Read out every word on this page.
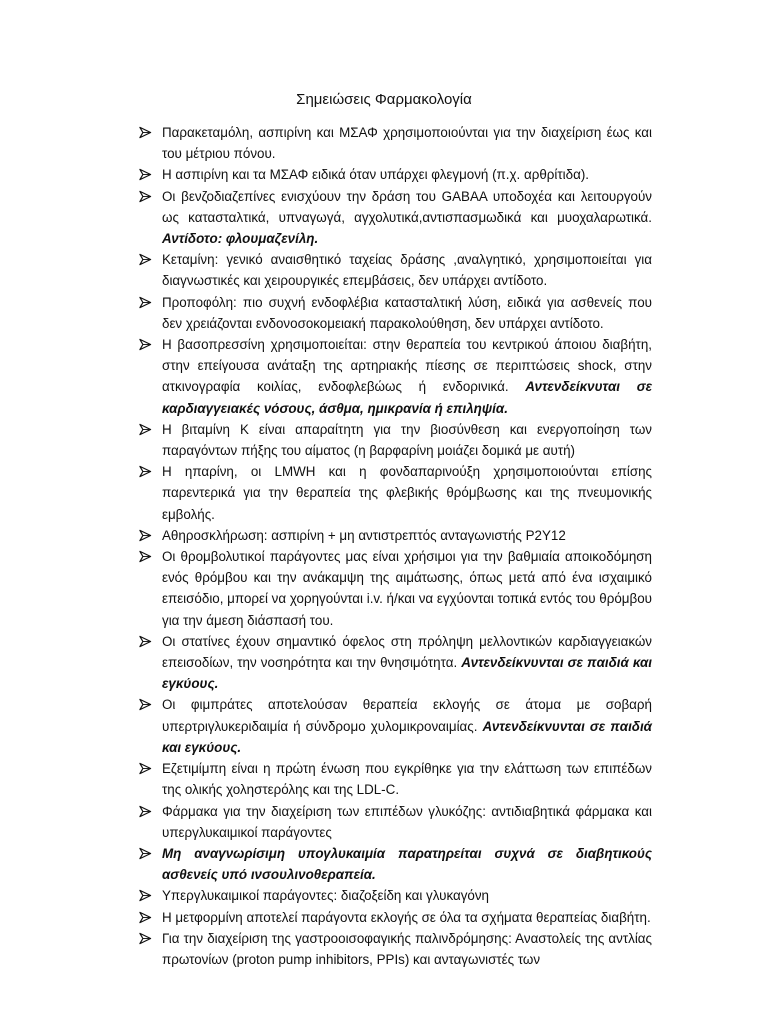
Σημειώσεις Φαρμακολογία
Παρακεταμόλη, ασπιρίνη και ΜΣΑΦ χρησιμοποιούνται για την διαχείριση έως και του μέτριου πόνου.
Η ασπιρίνη και τα ΜΣΑΦ ειδικά όταν υπάρχει φλεγμονή (π.χ. αρθρίτιδα).
Οι βενζοδιαζεπίνες ενισχύουν την δράση του GABAA υποδοχέα και λειτουργούν ως κατασταλτικά, υπναγωγά, αγχολυτικά,αντισπασμωδικά και μυοχαλαρωτικά. Αντίδοτο: φλουμαζενίλη.
Κεταμίνη: γενικό αναισθητικό ταχείας δράσης ,αναλγητικό, χρησιμοποιείται για διαγνωστικές και χειρουργικές επεμβάσεις, δεν υπάρχει αντίδοτο.
Προποφόλη: πιο συχνή ενδοφλέβια κατασταλτική λύση, ειδικά για ασθενείς που δεν χρειάζονται ενδονοσοκομειακή παρακολούθηση, δεν υπάρχει αντίδοτο.
Η βασοπρεσσίνη χρησιμοποιείται: στην θεραπεία του κεντρικού άποιου διαβήτη, στην επείγουσα ανάταξη της αρτηριακής πίεσης σε περιπτώσεις shock, στην ατκινογραφία κοιλίας, ενδοφλεβώως ή ενδορινικά. Αντενδείκνυται σε καρδιαγγειακές νόσους, άσθμα, ημικρανία ή επιληψία.
Η βιταμίνη Κ είναι απαραίτητη για την βιοσύνθεση και ενεργοποίηση των παραγόντων πήξης του αίματος (η βαρφαρίνη μοιάζει δομικά με αυτή)
Η ηπαρίνη, οι LMWH και η φονδαπαρινούξη χρησιμοποιούνται επίσης παρεντερικά για την θεραπεία της φλεβικής θρόμβωσης και της πνευμονικής εμβολής.
Αθηροσκλήρωση: ασπιρίνη + μη αντιστρεπτός ανταγωνιστής P2Y12
Οι θρομβολυτικοί παράγοντες μας είναι χρήσιμοι για την βαθμιαία αποικοδόμηση ενός θρόμβου και την ανάκαμψη της αιμάτωσης, όπως μετά από ένα ισχαιμικό επεισόδιο, μπορεί να χορηγούνται i.v. ή/και να εγχύονται τοπικά εντός του θρόμβου για την άμεση διάσπασή του.
Οι στατίνες έχουν σημαντικό όφελος στη πρόληψη μελλοντικών καρδιαγγειακών επεισοδίων, την νοσηρότητα και την θνησιμότητα. Αντενδείκνυνται σε παιδιά και εγκύους.
Οι φιμπράτες αποτελούσαν θεραπεία εκλογής σε άτομα με σοβαρή υπερτριγλυκεριδαιμία ή σύνδρομο χυλομικροναιμίας. Αντενδείκνυνται σε παιδιά και εγκύους.
Εζετιμίμπη είναι η πρώτη ένωση που εγκρίθηκε για την ελάττωση των επιπέδων της ολικής χοληστερόλης και της LDL-C.
Φάρμακα για την διαχείριση των επιπέδων γλυκόζης: αντιδιαβητικά φάρμακα και υπεργλυκαιμικοί παράγοντες
Μη αναγνωρίσιμη υπογλυκαιμία παρατηρείται συχνά σε διαβητικούς ασθενείς υπό ινσουλινοθεραπεία.
Υπεργλυκαιμικοί παράγοντες: διαζοξείδη και γλυκαγόνη
Η μετφορμίνη αποτελεί παράγοντα εκλογής σε όλα τα σχήματα θεραπείας διαβήτη.
Για την διαχείριση της γαστροοισοφαγικής παλινδρόμησης: Αναστολείς της αντλίας πρωτονίων (proton pump inhibitors, PPIs) και ανταγωνιστές των
